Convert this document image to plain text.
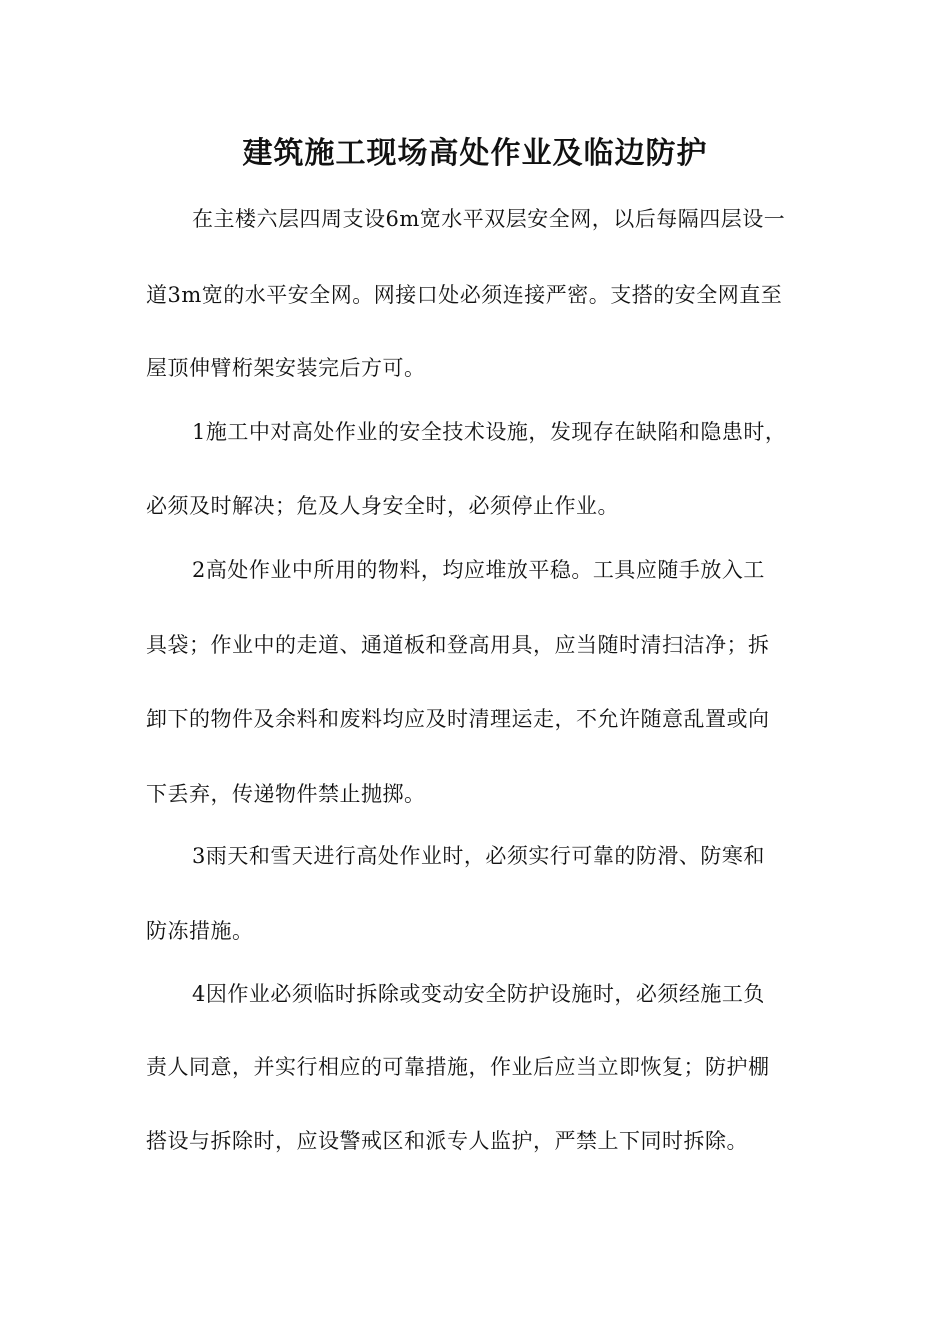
建筑施工现场高处作业及临边防护
在主楼六层四周支设6m宽水平双层安全网，以后每隔四层设一
道3m宽的水平安全网。网接口处必须连接严密。支搭的安全网直至
屋顶伸臂桁架安装完后方可。
1施工中对高处作业的安全技术设施，发现存在缺陷和隐患时，
必须及时解决；危及人身安全时，必须停止作业。
2高处作业中所用的物料，均应堆放平稳。工具应随手放入工
具袋；作业中的走道、通道板和登高用具，应当随时清扫洁净；拆
卸下的物件及余料和废料均应及时清理运走，不允许随意乱置或向
下丢弃，传递物件禁止抛掷。
3雨天和雪天进行高处作业时，必须实行可靠的防滑、防寒和
防冻措施。
4因作业必须临时拆除或变动安全防护设施时，必须经施工负
责人同意，并实行相应的可靠措施，作业后应当立即恢复；防护棚
搭设与拆除时，应设警戒区和派专人监护，严禁上下同时拆除。
